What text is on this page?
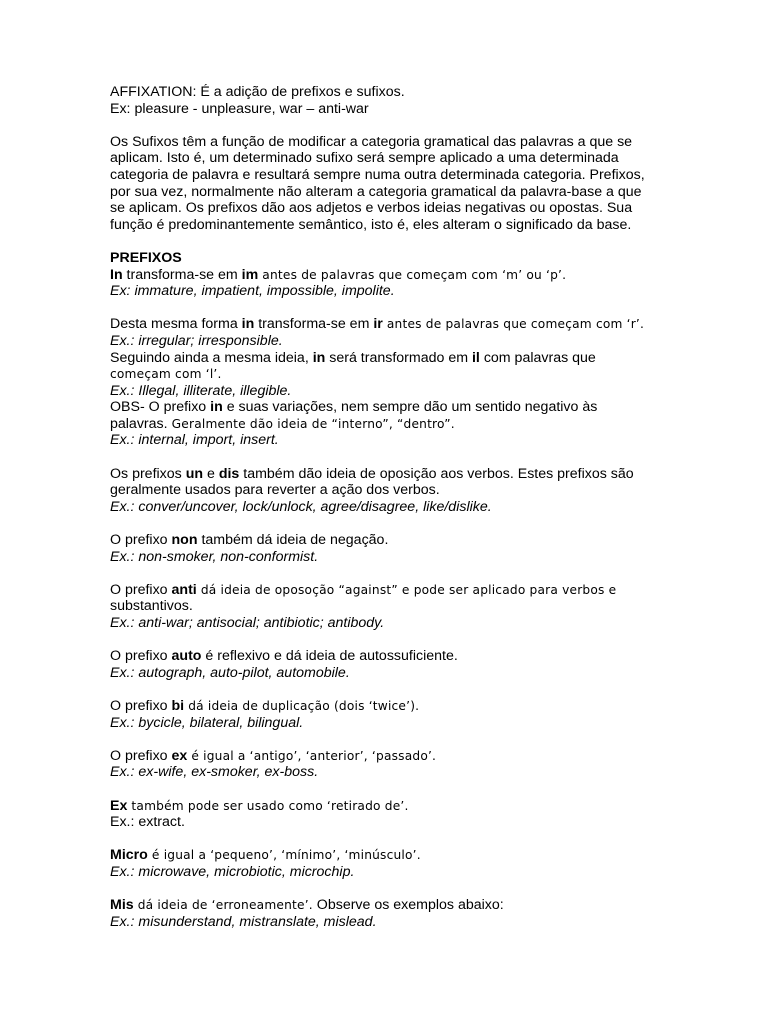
AFFIXATION: É a adição de prefixos e sufixos.
Ex: pleasure - unpleasure, war – anti-war
Os Sufixos têm a função de modificar a categoria gramatical das palavras a que se
aplicam. Isto é, um determinado sufixo será sempre aplicado a uma determinada
categoria de palavra e resultará sempre numa outra determinada categoria. Prefixos,
por sua vez, normalmente não alteram a categoria gramatical da palavra-base a que
se aplicam. Os prefixos dão aos adjetos e verbos ideias negativas ou opostas. Sua
função é predominantemente semântico, isto é, eles alteram o significado da base.
PREFIXOS
In transforma-se em im antes de palavras que começam com ‘m’ ou ‘p’.
Ex: immature, impatient, impossible, impolite.
Desta mesma forma in transforma-se em ir antes de palavras que começam com ‘r’.
Ex.: irregular; irresponsible.
Seguindo ainda a mesma ideia, in será transformado em il com palavras que
começam com ‘l’.
Ex.: Illegal, illiterate, illegible.
OBS- O prefixo in e suas variações, nem sempre dão um sentido negativo às
palavras. Geralmente dão ideia de “interno”, “dentro”.
Ex.: internal, import, insert.
Os prefixos un e dis também dão ideia de oposição aos verbos. Estes prefixos são
geralmente usados para reverter a ação dos verbos.
Ex.: conver/uncover, lock/unlock, agree/disagree, like/dislike.
O prefixo non também dá ideia de negação.
Ex.: non-smoker, non-conformist.
O prefixo anti dá ideia de oposoção “against” e pode ser aplicado para verbos e
substantivos.
Ex.: anti-war; antisocial; antibiotic; antibody.
O prefixo auto é reflexivo e dá ideia de autossuficiente.
Ex.: autograph, auto-pilot, automobile.
O prefixo bi dá ideia de duplicação (dois ‘twice’).
Ex.: bycicle, bilateral, bilingual.
O prefixo ex é igual a ‘antigo’, ‘anterior’, ‘passado’.
Ex.: ex-wife, ex-smoker, ex-boss.
Ex também pode ser usado como ‘retirado de’.
Ex.: extract.
Micro é igual a ‘pequeno’, ‘mínimo’, ‘minúsculo’.
Ex.: microwave, microbiotic, microchip.
Mis dá ideia de ‘erroneamente’. Observe os exemplos abaixo:
Ex.: misunderstand, mistranslate, mislead.
